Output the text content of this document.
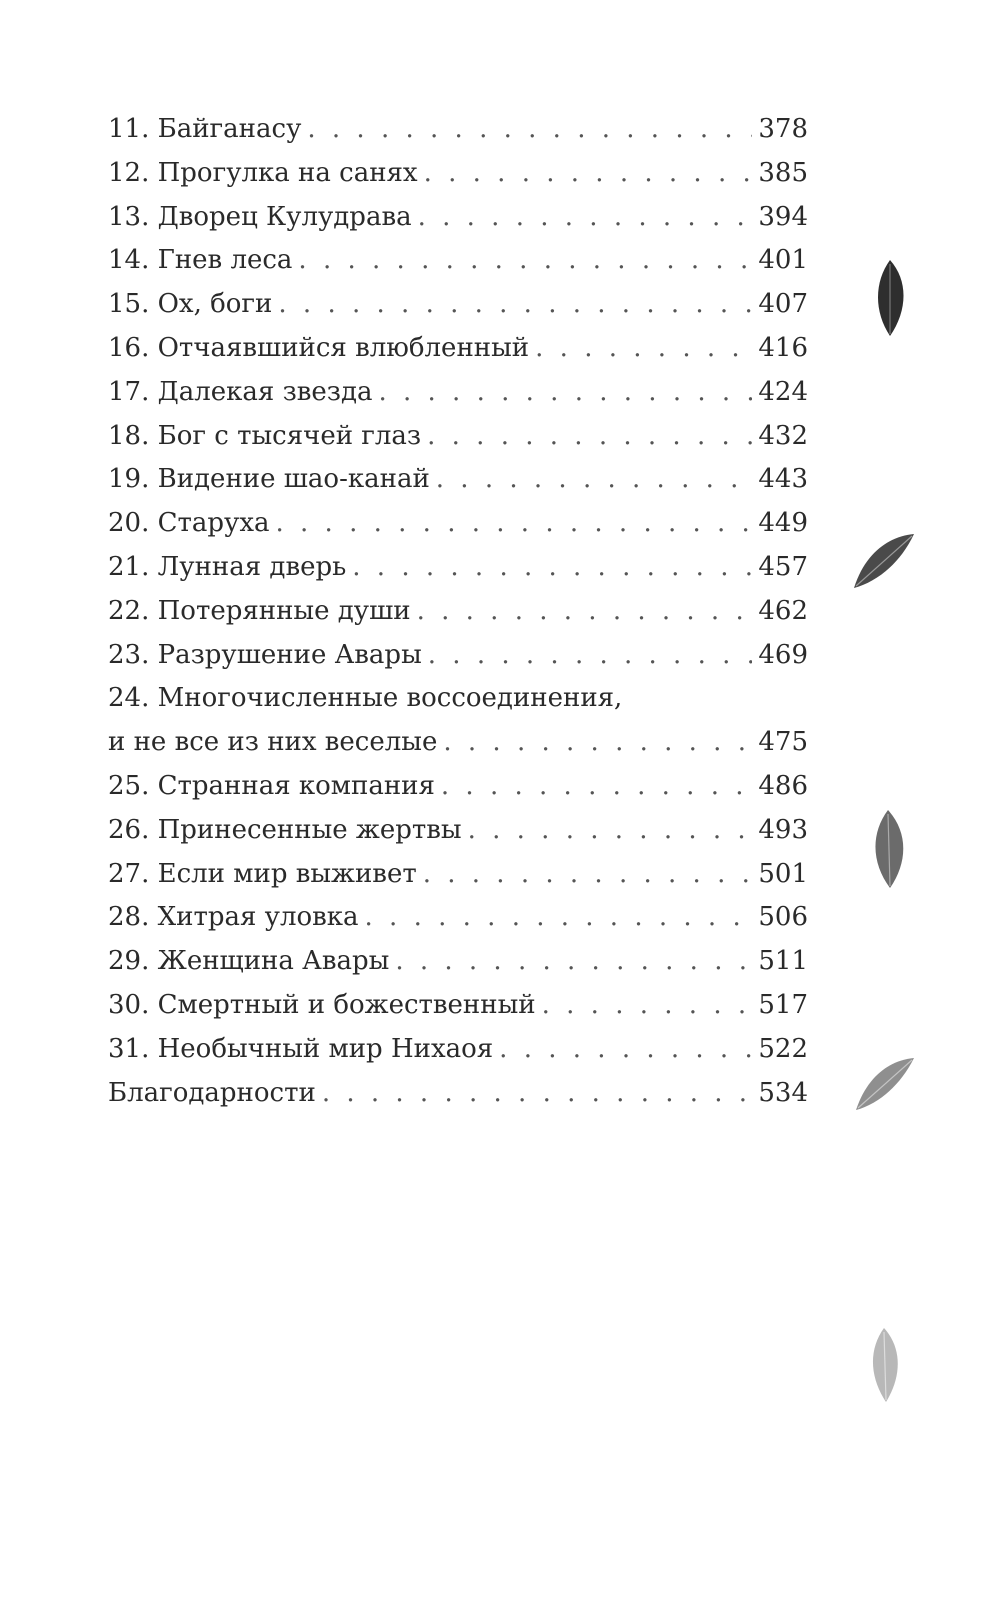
11. Байганасу . . .	378
12. Прогулка на санях . . .	385
13. Дворец Кулудрава . . .	394
14. Гнев леса . . .	401
15. Ох, боги . . .	407
16. Отчаявшийся влюбленный . . .	416
17. Далекая звезда . . .	424
18. Бог с тысячей глаз . . .	432
19. Видение шао-канай . . .	443
20. Старуха . . .	449
21. Лунная дверь . . .	457
22. Потерянные души . . .	462
23. Разрушение Авары . . .	469
24. Многочисленные воссоединения,
и не все из них веселые . . .	475
25. Странная компания . . .	486
26. Принесенные жертвы . . .	493
27. Если мир выживет . . .	501
28. Хитрая уловка . . .	506
29. Женщина Авары . . .	511
30. Смертный и божественный . . .	517
31. Необычный мир Нихаоя . . .	522
Благодарности . . .	534
